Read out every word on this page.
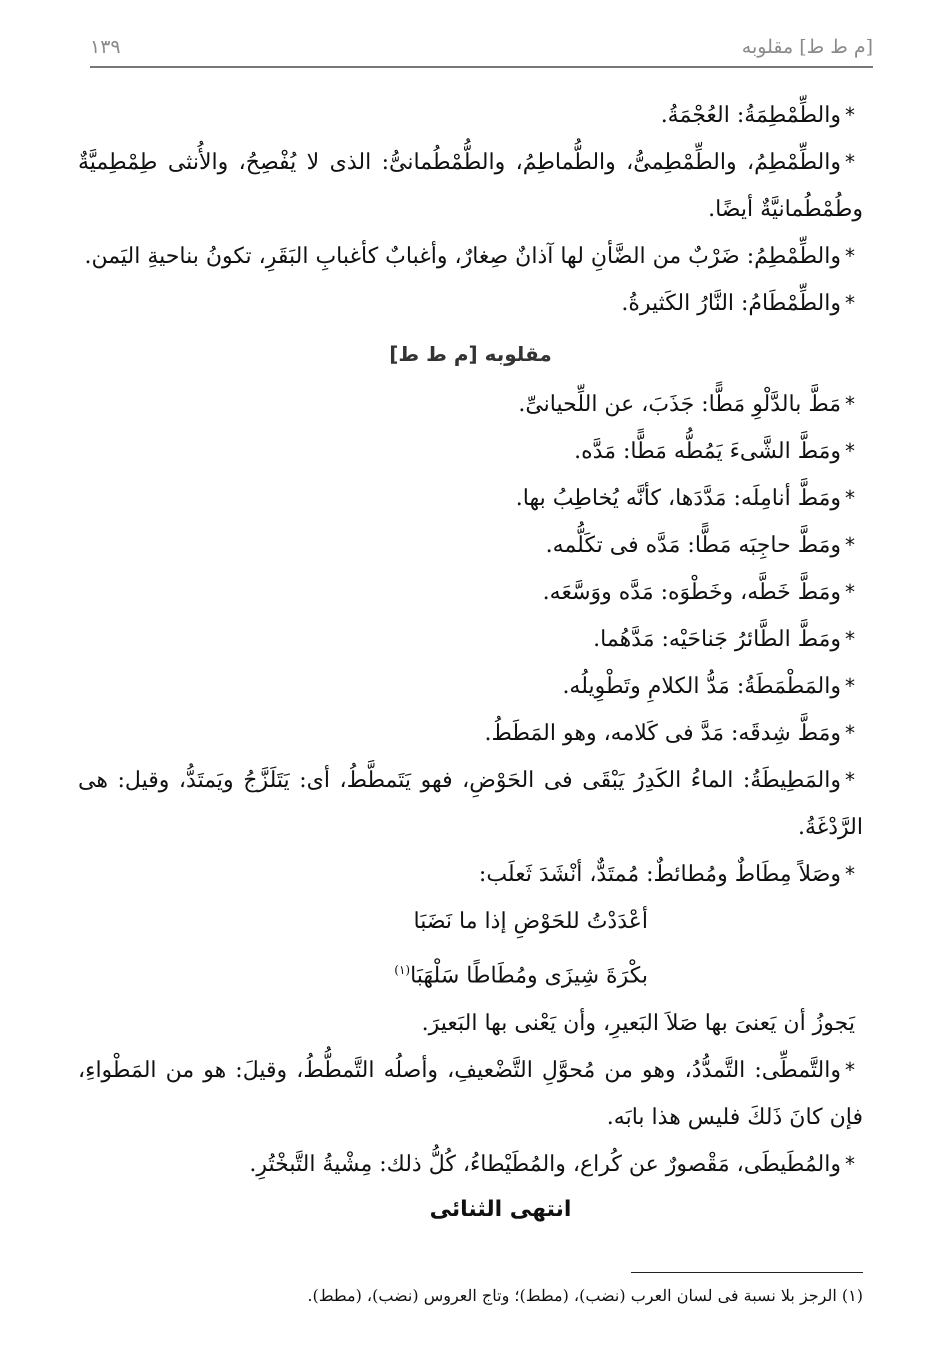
١٣٩	[م ط ط] مقلوبه

*والطِّمْطِمَةُ: العُجْمَةُ.

*والطِّمْطِمُ، والطِّمْطِمىُّ، والطُّماطِمُ، والطُّمْطُمانىُّ: الذى لا يُفْصِحُ، والأُنثى طِمْطِميَّةٌ وطُمْطُمانيَّةٌ أيضًا.

*والطِّمْطِمُ: ضَرْبٌ من الضَّأنِ لها آذانٌ صِغارٌ، وأغبابٌ كأغبابِ البَقَرِ، تكونُ بناحيةِ اليَمن.

*والطِّمْطَامُ: النَّارُ الكَثيرةُ.

مقلوبه [م ط ط]

*مَطَّ بالدَّلْوِ مَطًّا: جَذَبَ، عن اللِّحيانىِّ.

*ومَطَّ الشَّىءَ يَمُطُّه مَطًّا: مَدَّه.

*ومَطَّ أنامِلَه: مَدَّدَها، كأنَّه يُخاطِبُ بها.

*ومَطَّ حاجِبَه مَطًّا: مَدَّه فى تكَلُّمه.

*ومَطَّ خَطَّه، وخَطْوَه: مَدَّه ووَسَّعَه.

*ومَطَّ الطَّائرُ جَناحَيْه: مَدَّهُما.

*والمَطْمَطَةُ: مَدُّ الكلامِ وتَطْوِيلُه.

*ومَطَّ شِدقَه: مَدَّ فى كَلامه، وهو المَطَطُ.

*والمَطِيطَةُ: الماءُ الكَدِرُ يَبْقَى فى الحَوْضِ، فهو يَتَمطَّطُ، أى: يَتَلَزَّجُ ويَمتَدُّ، وقيل: هى الرَّدْغَةُ.

*وصَلاً مِطَاطٌ ومُطائطٌ: مُمتَدٌّ، أنْشَدَ ثَعلَب:

أعْدَدْتُ للحَوْضِ إذا ما نَضَبَا

بكْرَةَ شِيزَى ومُطَاطًا سَلْهَبَا$^{(١)}$

يَجوزُ أن يَعنىَ بها صَلاَ البَعيرِ، وأن يَعْنى بها البَعيرَ.

*والتَّمطِّى: التَّمدُّدُ، وهو من مُحوَّلِ التَّضْعيفِ، وأصلُه التَّمطُّطُ، وقيلَ: هو من المَطْواءِ، فإن كانَ ذَلكَ فليس هذا بابَه.

*والمُطَيطَى، مَقْصورٌ عن كُراع، والمُطَيْطاءُ، كُلُّ ذلك: مِشْيةُ التَّبخْتُرِ.

انتهى الثنائى

(١) الرجز بلا نسبة فى لسان العرب (نضب)، (مطط)؛ وتاج العروس (نضب)، (مطط).
